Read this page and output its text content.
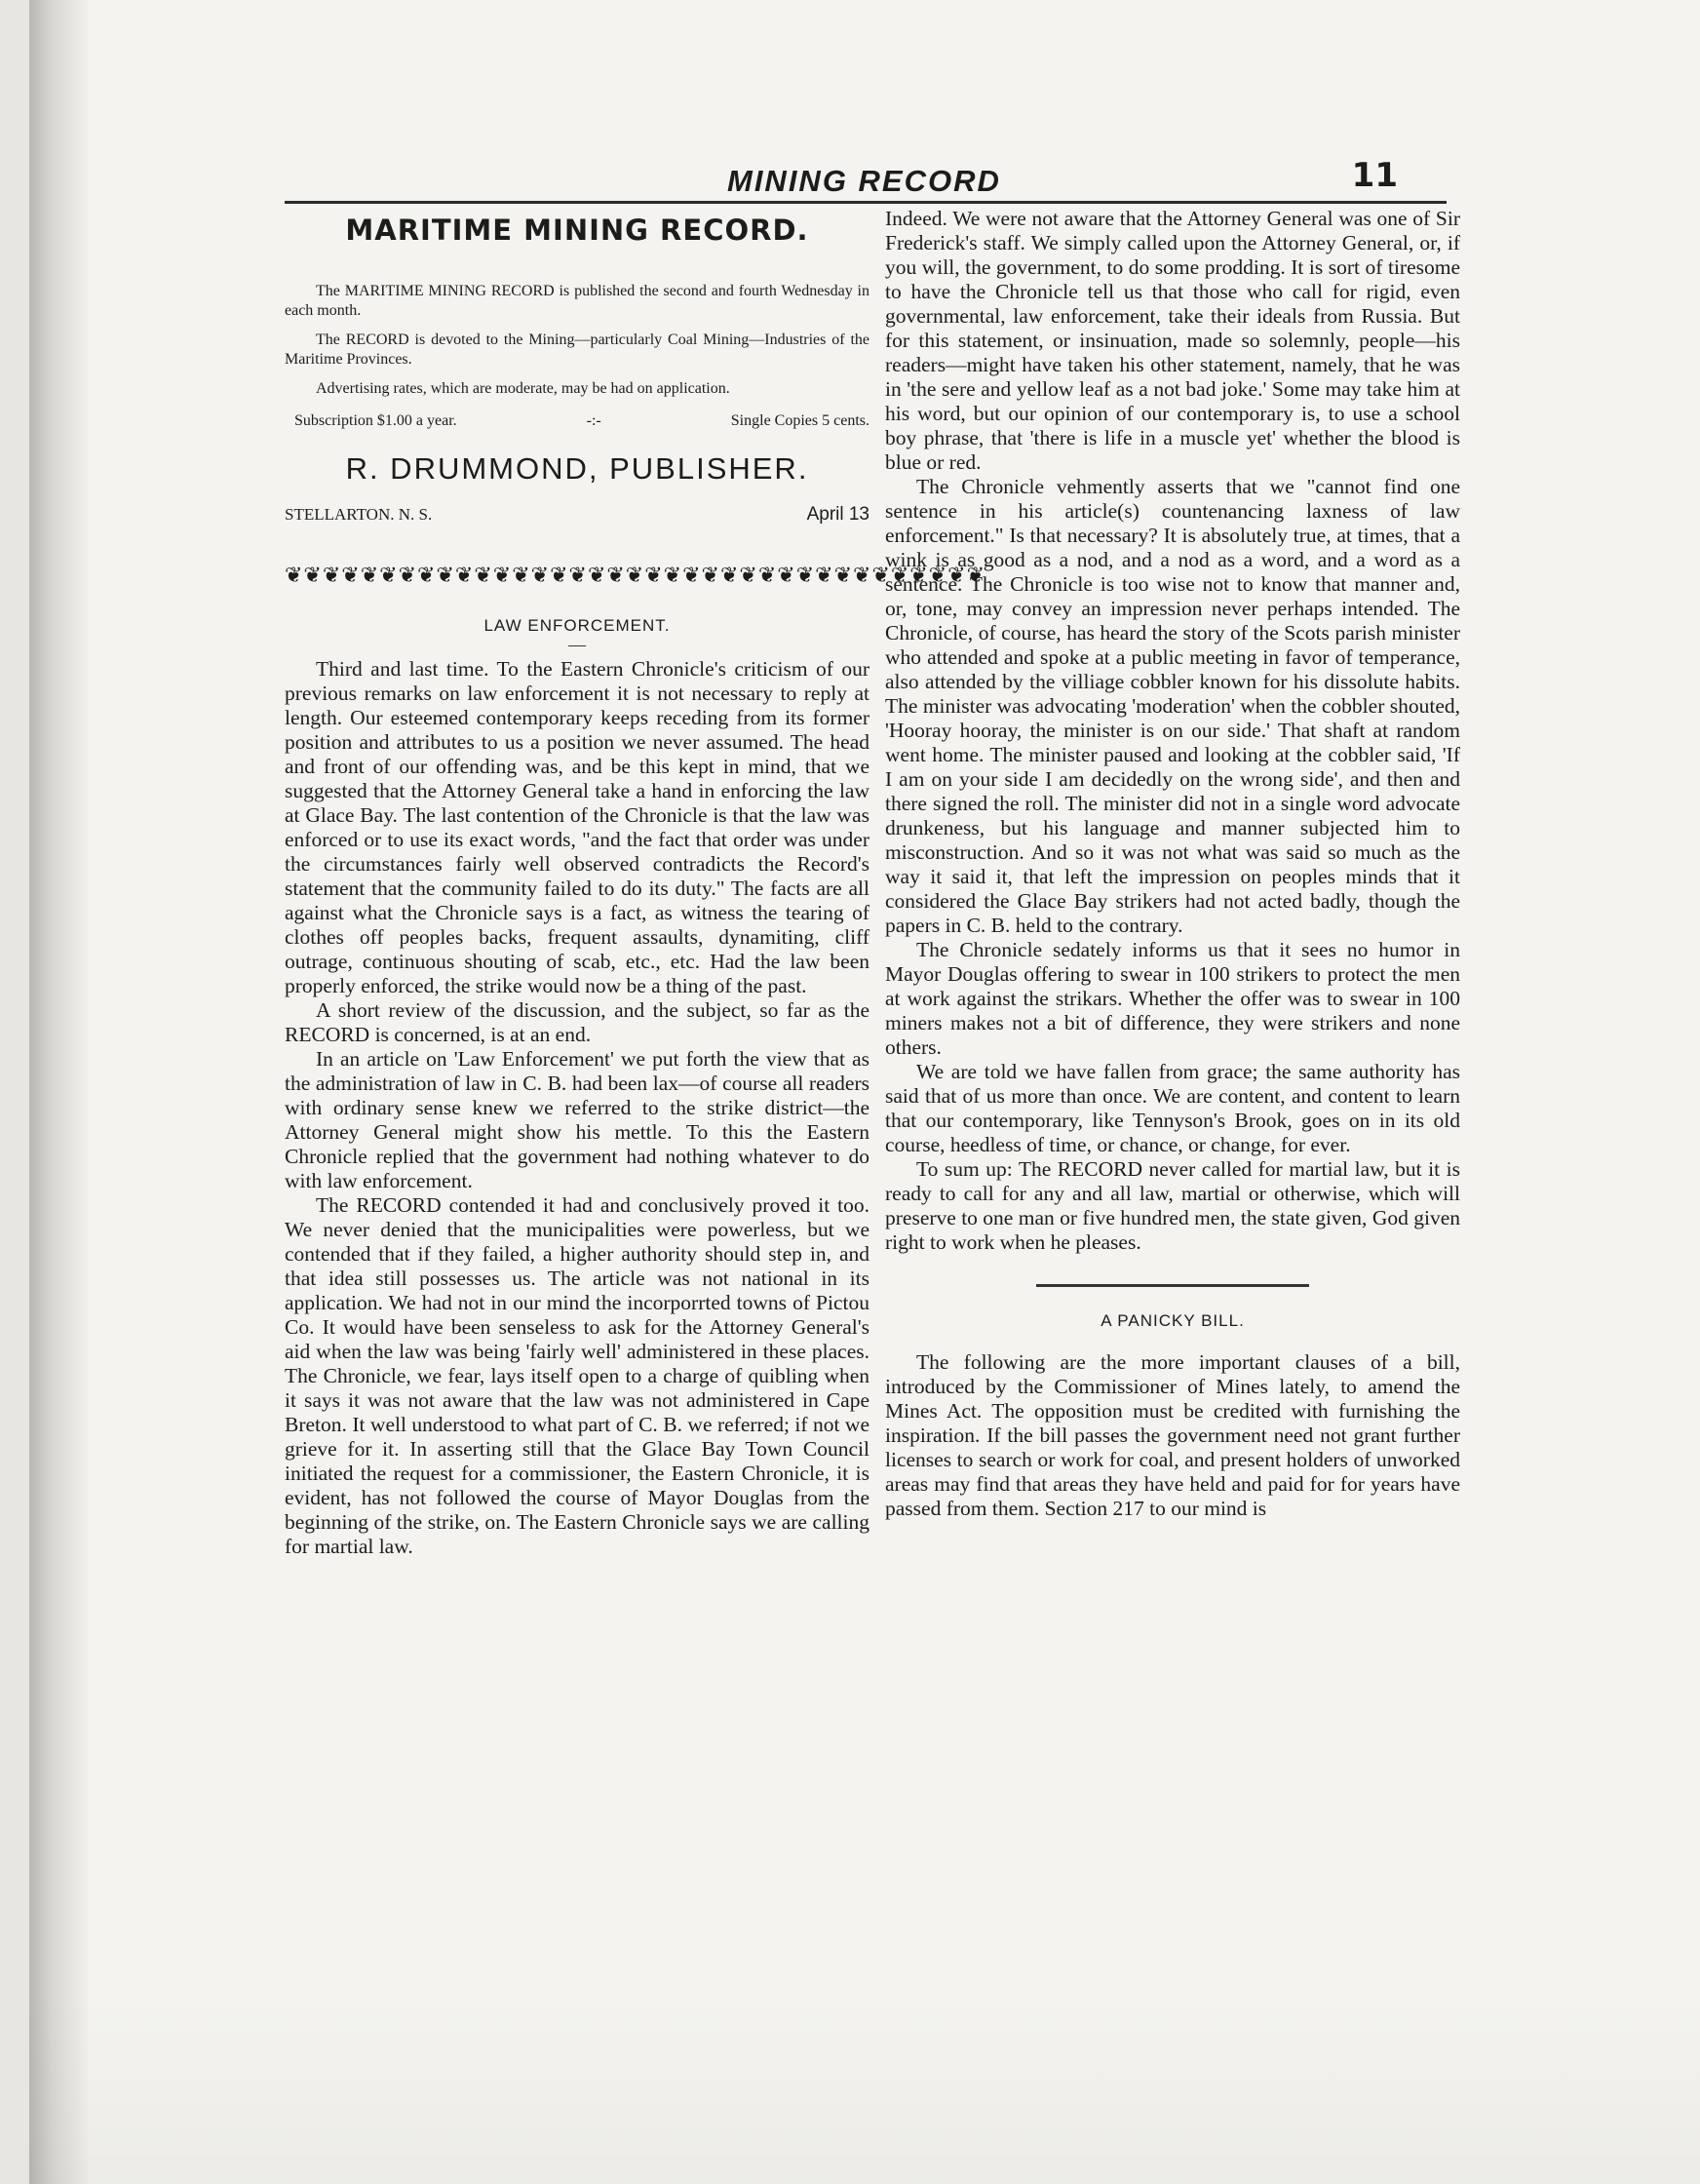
MINING RECORD	11
MARITIME MINING RECORD.

The MARITIME MINING RECORD is published the second and fourth Wednesday in each month.

The RECORD is devoted to the Mining—particularly Coal Mining—Industries of the Maritime Provinces.

Advertising rates, which are moderate, may be had on application.

Subscription $1.00 a year.	-:-	Single Copies 5 cents.
R. DRUMMOND, PUBLISHER.
STELLARTON. N. S.	April 13
❦❦❦❦❦❦❦❦❦❦❦❦❦❦❦❦❦❦❦❦❦❦❦❦❦❦❦❦❦❦❦❦❦❦❦❦❦
LAW ENFORCEMENT.
—

Third and last time. To the Eastern Chronicle's criticism of our previous remarks on law enforcement it is not necessary to reply at length. Our esteemed contemporary keeps receding from its former position and attributes to us a position we never assumed. The head and front of our offending was, and be this kept in mind, that we suggested that the Attorney General take a hand in enforcing the law at Glace Bay. The last contention of the Chronicle is that the law was enforced or to use its exact words, "and the fact that order was under the circumstances fairly well observed contradicts the Record's statement that the community failed to do its duty." The facts are all against what the Chronicle says is a fact, as witness the tearing of clothes off peoples backs, frequent assaults, dynamiting, cliff outrage, continuous shouting of scab, etc., etc. Had the law been properly enforced, the strike would now be a thing of the past.

A short review of the discussion, and the subject, so far as the RECORD is concerned, is at an end.

In an article on 'Law Enforcement' we put forth the view that as the administration of law in C. B. had been lax—of course all readers with ordinary sense knew we referred to the strike district—the Attorney General might show his mettle. To this the Eastern Chronicle replied that the government had nothing whatever to do with law enforcement.

The RECORD contended it had and conclusively proved it too. We never denied that the municipalities were powerless, but we contended that if they failed, a higher authority should step in, and that idea still possesses us. The article was not national in its application. We had not in our mind the incorporrted towns of Pictou Co. It would have been senseless to ask for the Attorney General's aid when the law was being 'fairly well' administered in these places. The Chronicle, we fear, lays itself open to a charge of quibling when it says it was not aware that the law was not administered in Cape Breton. It well understood to what part of C. B. we referred; if not we grieve for it. In asserting still that the Glace Bay Town Council initiated the request for a commissioner, the Eastern Chronicle, it is evident, has not followed the course of Mayor Douglas from the beginning of the strike, on. The Eastern Chronicle says we are calling for martial law.

Indeed. We were not aware that the Attorney General was one of Sir Frederick's staff. We simply called upon the Attorney General, or, if you will, the government, to do some prodding. It is sort of tiresome to have the Chronicle tell us that those who call for rigid, even governmental, law enforcement, take their ideals from Russia. But for this statement, or insinuation, made so solemnly, people—his readers—might have taken his other statement, namely, that he was in 'the sere and yellow leaf as a not bad joke.' Some may take him at his word, but our opinion of our contemporary is, to use a school boy phrase, that 'there is life in a muscle yet' whether the blood is blue or red.

The Chronicle vehmently asserts that we "cannot find one sentence in his article(s) countenancing laxness of law enforcement." Is that necessary? It is absolutely true, at times, that a wink is as good as a nod, and a nod as a word, and a word as a sentence. The Chronicle is too wise not to know that manner and, or, tone, may convey an impression never perhaps intended. The Chronicle, of course, has heard the story of the Scots parish minister who attended and spoke at a public meeting in favor of temperance, also attended by the villiage cobbler known for his dissolute habits. The minister was advocating 'moderation' when the cobbler shouted, 'Hooray hooray, the minister is on our side.' That shaft at random went home. The minister paused and looking at the cobbler said, 'If I am on your side I am decidedly on the wrong side', and then and there signed the roll. The minister did not in a single word advocate drunkeness, but his language and manner subjected him to misconstruction. And so it was not what was said so much as the way it said it, that left the impression on peoples minds that it considered the Glace Bay strikers had not acted badly, though the papers in C. B. held to the contrary.

The Chronicle sedately informs us that it sees no humor in Mayor Douglas offering to swear in 100 strikers to protect the men at work against the strikars. Whether the offer was to swear in 100 miners makes not a bit of difference, they were strikers and none others.

We are told we have fallen from grace; the same authority has said that of us more than once. We are content, and content to learn that our contemporary, like Tennyson's Brook, goes on in its old course, heedless of time, or chance, or change, for ever.

To sum up: The RECORD never called for martial law, but it is ready to call for any and all law, martial or otherwise, which will preserve to one man or five hundred men, the state given, God given right to work when he pleases.

A PANICKY BILL.

The following are the more important clauses of a bill, introduced by the Commissioner of Mines lately, to amend the Mines Act. The opposition must be credited with furnishing the inspiration. If the bill passes the government need not grant further licenses to search or work for coal, and present holders of unworked areas may find that areas they have held and paid for for years have passed from them. Section 217 to our mind is
